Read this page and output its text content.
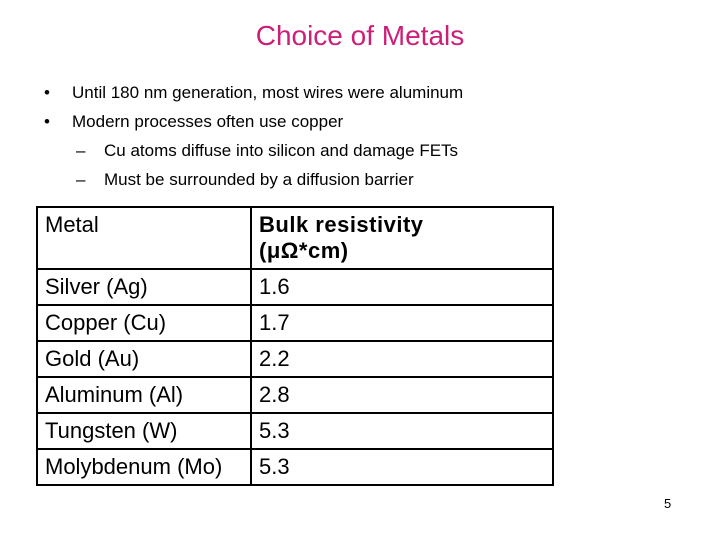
Choice of Metals
•	Until 180 nm generation, most wires were aluminum
•	Modern processes often use copper
–	Cu atoms diffuse into silicon and damage FETs
–	Must be surrounded by a diffusion barrier
Metal	Bulk resistivity
(μΩ*cm)

Silver (Ag)	1.6
Copper (Cu)	1.7
Gold (Au)	2.2
Aluminum (Al)	2.8
Tungsten (W)	5.3
Molybdenum (Mo)	5.3
5
